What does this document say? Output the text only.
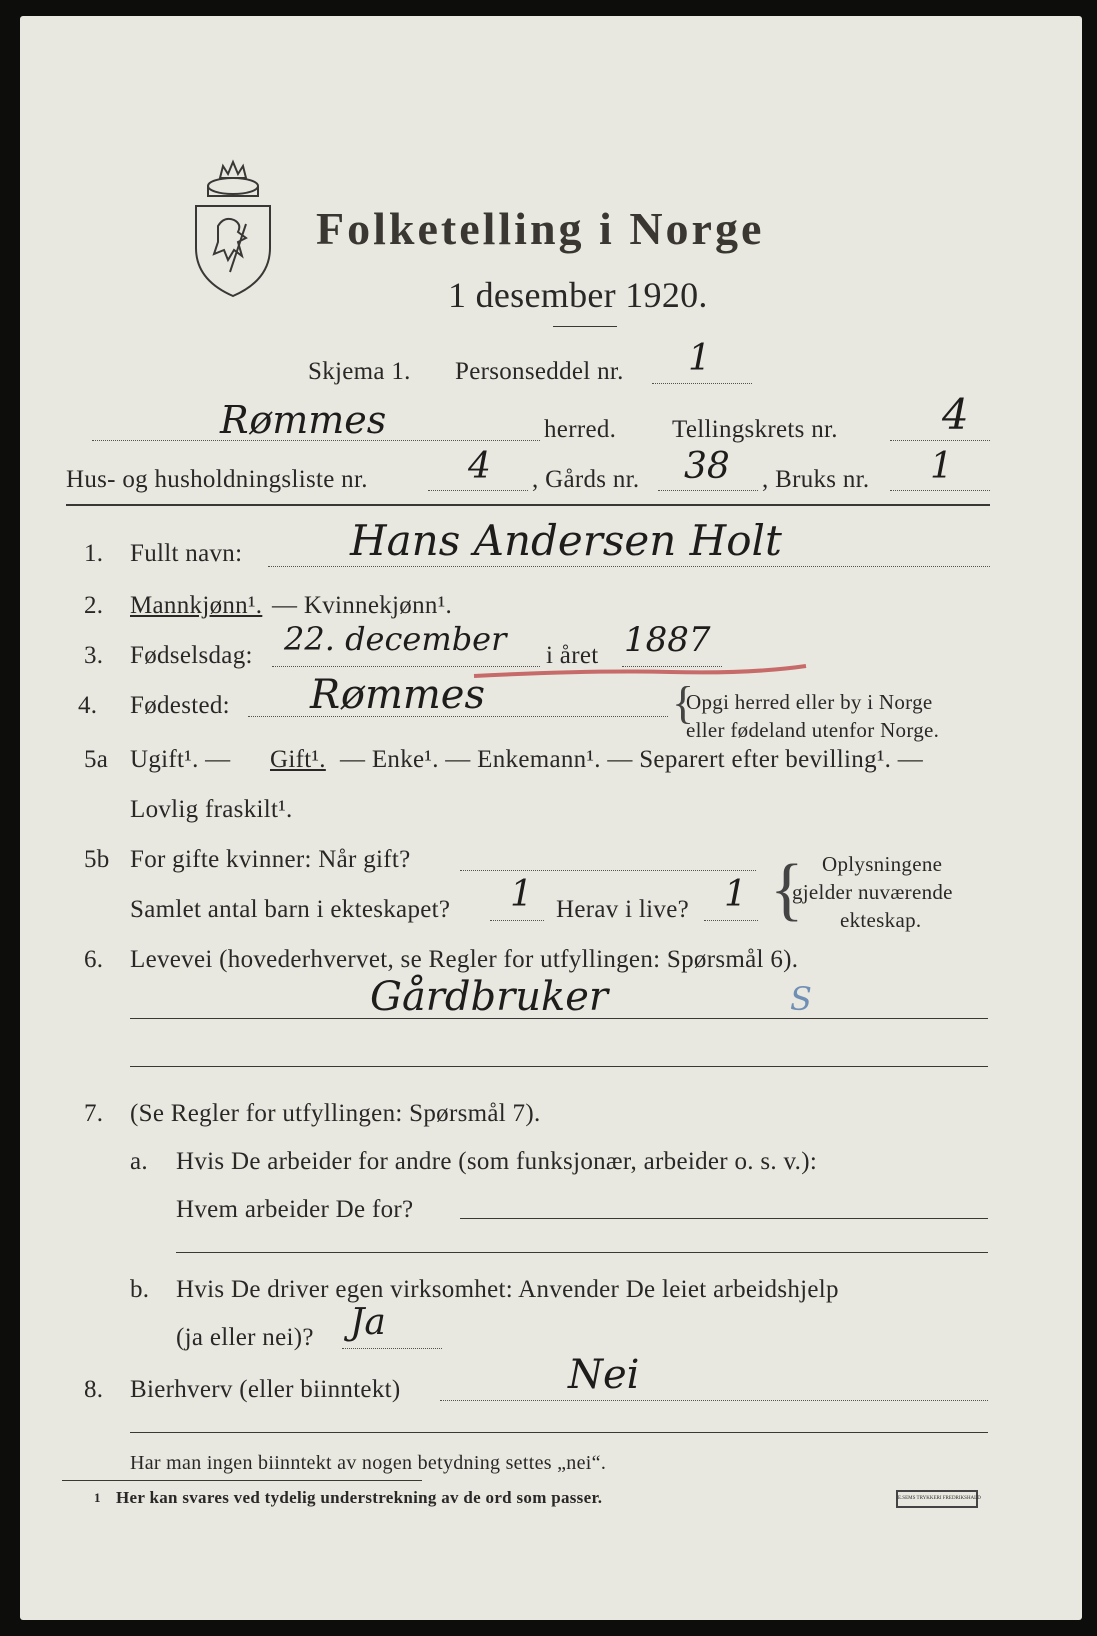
Folketelling i Norge
1 desember 1920.
Skjema 1. Personseddel nr. 1
Rømmes	herred. Tellingskrets nr. 4
Hus- og husholdningsliste nr.	4 , Gårds nr. 38 , Bruks nr. 1
1. Fullt navn:	Hans Andersen Holt
2. Mannkjønn¹. — Kvinnekjønn¹.
3. Fødselsdag: 22. december i året 1887
4. Fødested: Rømmes	{
Opgi herred eller by i Norge
eller fødeland utenfor Norge.
5a Ugift¹. — Gift¹. — Enke¹. — Enkemann¹. — Separert efter bevilling¹. —
Lovlig fraskilt¹.
5b For gifte kvinner: Når gift?
Samlet antal barn i ekteskapet? 1 Herav i live? 1 { Oplysningene
gjelder nuværende
ekteskap.
6. Levevei (hovederhvervet, se Regler for utfyllingen: Spørsmål 6).
Gårdbruker	S
7. (Se Regler for utfyllingen: Spørsmål 7).
a. Hvis De arbeider for andre (som funksjonær, arbeider o. s. v.):
Hvem arbeider De for?
b. Hvis De driver egen virksomhet: Anvender De leiet arbeidshjelp
(ja eller nei)? Ja
8. Bierhverv (eller biinntekt)	Nei
Har man ingen biinntekt av nogen betydning settes „nei“.
1 Her kan svares ved tydelig understrekning av de ord som passer.	E.SEMS TRYKKERI FREDRIKSHALD
